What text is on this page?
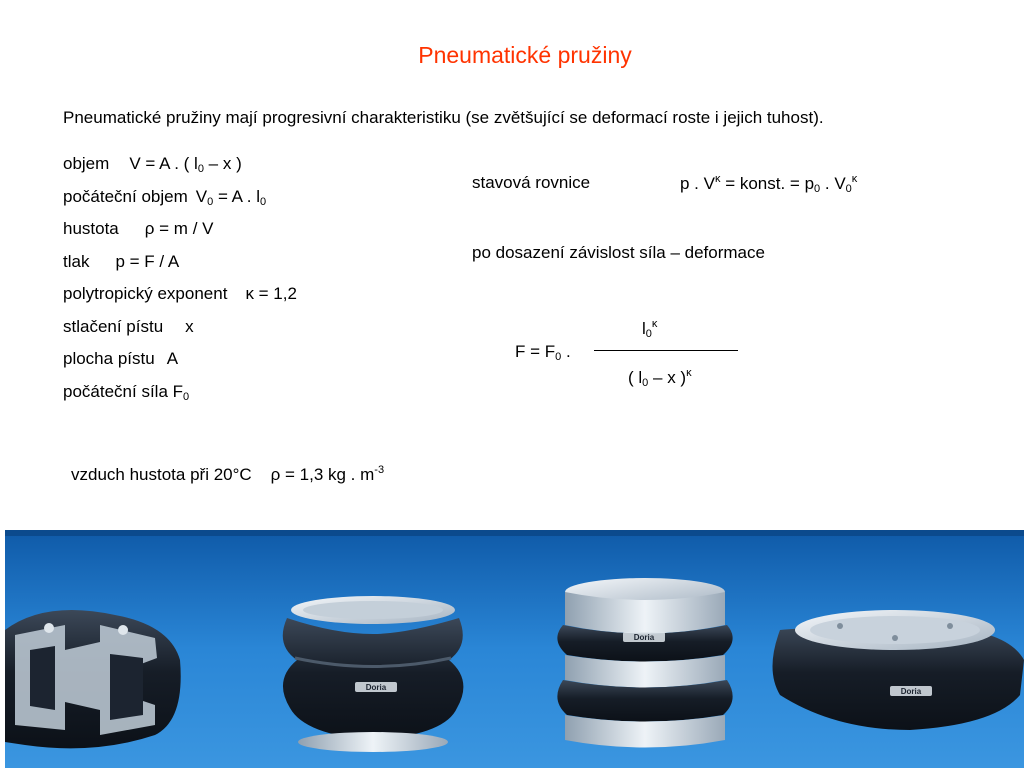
Pneumatické pružiny
Pneumatické pružiny mají progresivní charakteristiku (se zvětšující se deformací roste i jejich tuhost).
objem V = A . ( $l_0$ – x )
počáteční objem $V_0 = A$ . $l_0$
hustota ρ = m / V
tlak p = F / A
polytropický exponent κ = 1,2
stlačení pístu x
plocha pístu A
počáteční síla $F_0$
stavová rovnice	p . $V^\kappa$ = konst. = $p_0$ . $V_0^\kappa$
po dosazení závislost síla – deformace
$l_0^\kappa$
$F = F_0$ .
( $l_0$ – x )$^\kappa$
vzduch hustota při 20°C ρ = 1,3 kg . $m^{-3}$
Doria
Doria
Doria
